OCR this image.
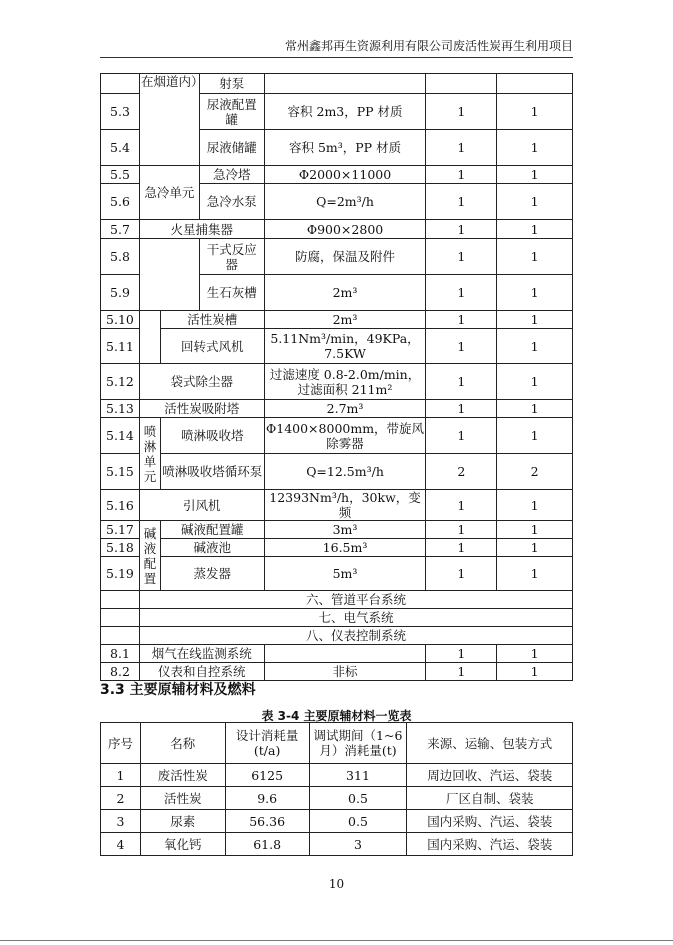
常州鑫邦再生资源利用有限公司废活性炭再生利用项目
	在烟道内）		射泵			
5.3			尿液配置罐	容积 2m3，PP 材质	1	1
5.4			尿液储罐	容积 5m³，PP 材质	1	1
5.5	急冷单元		急冷塔	Φ2000×11000	1	1
5.6			急冷水泵	Q=2m³/h	1	1
5.7	火星捕集器			Φ900×2800	1	1
5.8			干式反应器	防腐，保温及附件	1	1
5.9			生石灰槽	2m³	1	1
5.10		活性炭槽		2m³	1	1
5.11		回转式风机		5.11Nm³/min，49KPa，7.5KW	1	1
5.12	袋式除尘器			过滤速度 0.8-2.0m/min，过滤面积 211m²	1	1
5.13	活性炭吸附塔			2.7m³	1	1
5.14	喷淋单元	喷淋吸收塔		Φ1400×8000mm，带旋风除雾器	1	1
5.15		喷淋吸收塔循环泵		Q=12.5m³/h	2	2
5.16	引风机			12393Nm³/h，30kw，变频	1	1
5.17	碱液配置	碱液配置罐		3m³	1	1
5.18		碱液池		16.5m³	1	1
5.19		蒸发器		5m³	1	1
	六、管道平台系统					
	七、电气系统					
	八、仪表控制系统					
8.1	烟气在线监测系统				1	1
8.2	仪表和自控系统			非标	1	1
3.3 主要原辅材料及燃料
表 3-4 主要原辅材料一览表
序号	名称	设计消耗量(t/a)	调试期间（1~6月）消耗量(t)	来源、运输、包装方式
1	废活性炭	6125	311	周边回收、汽运、袋装
2	活性炭	9.6	0.5	厂区自制、袋装
3	尿素	56.36	0.5	国内采购、汽运、袋装
4	氧化钙	61.8	3	国内采购、汽运、袋装
10
